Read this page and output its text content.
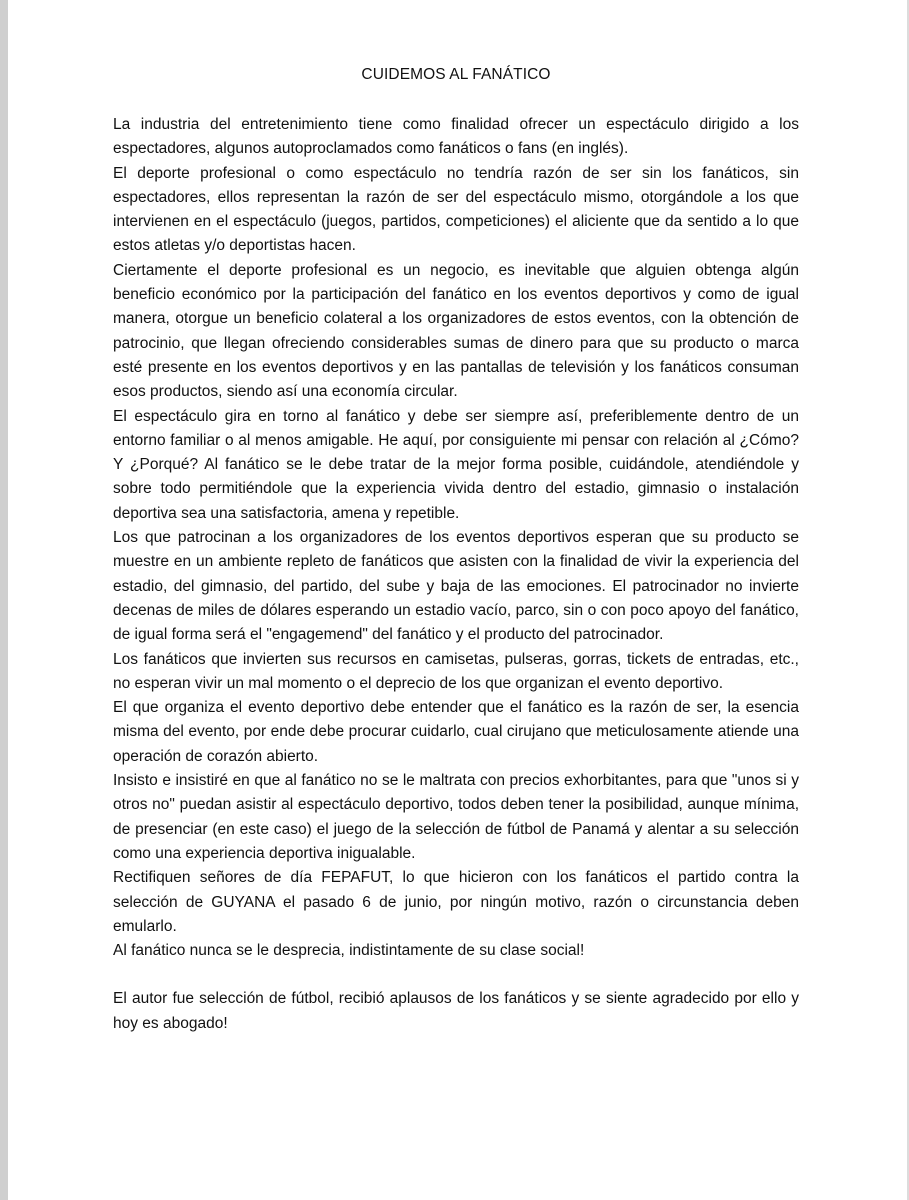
CUIDEMOS AL FANÁTICO

La industria del entretenimiento tiene como finalidad ofrecer un espectáculo dirigido a los espectadores, algunos autoproclamados como fanáticos o fans (en inglés).

El deporte profesional o como espectáculo no tendría razón de ser sin los fanáticos, sin espectadores, ellos representan la razón de ser del espectáculo mismo, otorgándole a los que intervienen en el espectáculo (juegos, partidos, competiciones) el aliciente que da sentido a lo que estos atletas y/o deportistas hacen.

Ciertamente el deporte profesional es un negocio, es inevitable que alguien obtenga algún beneficio económico por la participación del fanático en los eventos deportivos y como de igual manera, otorgue un beneficio colateral a los organizadores de estos eventos, con la obtención de patrocinio, que llegan ofreciendo considerables sumas de dinero para que su producto o marca esté presente en los eventos deportivos y en las pantallas de televisión y los fanáticos consuman esos productos, siendo así una economía circular.

El espectáculo gira en torno al fanático y debe ser siempre así, preferiblemente dentro de un entorno familiar o al menos amigable. He aquí, por consiguiente mi pensar con relación al ¿Cómo? Y ¿Porqué? Al fanático se le debe tratar de la mejor forma posible, cuidándole, atendiéndole y sobre todo permitiéndole que la experiencia vivida dentro del estadio, gimnasio o instalación deportiva sea una satisfactoria, amena y repetible.

Los que patrocinan a los organizadores de los eventos deportivos esperan que su producto se muestre en un ambiente repleto de fanáticos que asisten con la finalidad de vivir la experiencia del estadio, del gimnasio, del partido, del sube y baja de las emociones. El patrocinador no invierte decenas de miles de dólares esperando un estadio vacío, parco, sin o con poco apoyo del fanático, de igual forma será el "engagemend" del fanático y el producto del patrocinador.

Los fanáticos que invierten sus recursos en camisetas, pulseras, gorras, tickets de entradas, etc., no esperan vivir un mal momento o el deprecio de los que organizan el evento deportivo.

El que organiza el evento deportivo debe entender que el fanático es la razón de ser, la esencia misma del evento, por ende debe procurar cuidarlo, cual cirujano que meticulosamente atiende una operación de corazón abierto.

Insisto e insistiré en que al fanático no se le maltrata con precios exhorbitantes, para que "unos si y otros no" puedan asistir al espectáculo deportivo, todos deben tener la posibilidad, aunque mínima, de presenciar (en este caso) el juego de la selección de fútbol de Panamá y alentar a su selección como una experiencia deportiva inigualable.

Rectifiquen señores de día FEPAFUT, lo que hicieron con los fanáticos el partido contra la selección de GUYANA el pasado 6 de junio, por ningún motivo, razón o circunstancia deben emularlo.

Al fanático nunca se le desprecia, indistintamente de su clase social!

El autor fue selección de fútbol, recibió aplausos de los fanáticos y se siente agradecido por ello y hoy es abogado!
